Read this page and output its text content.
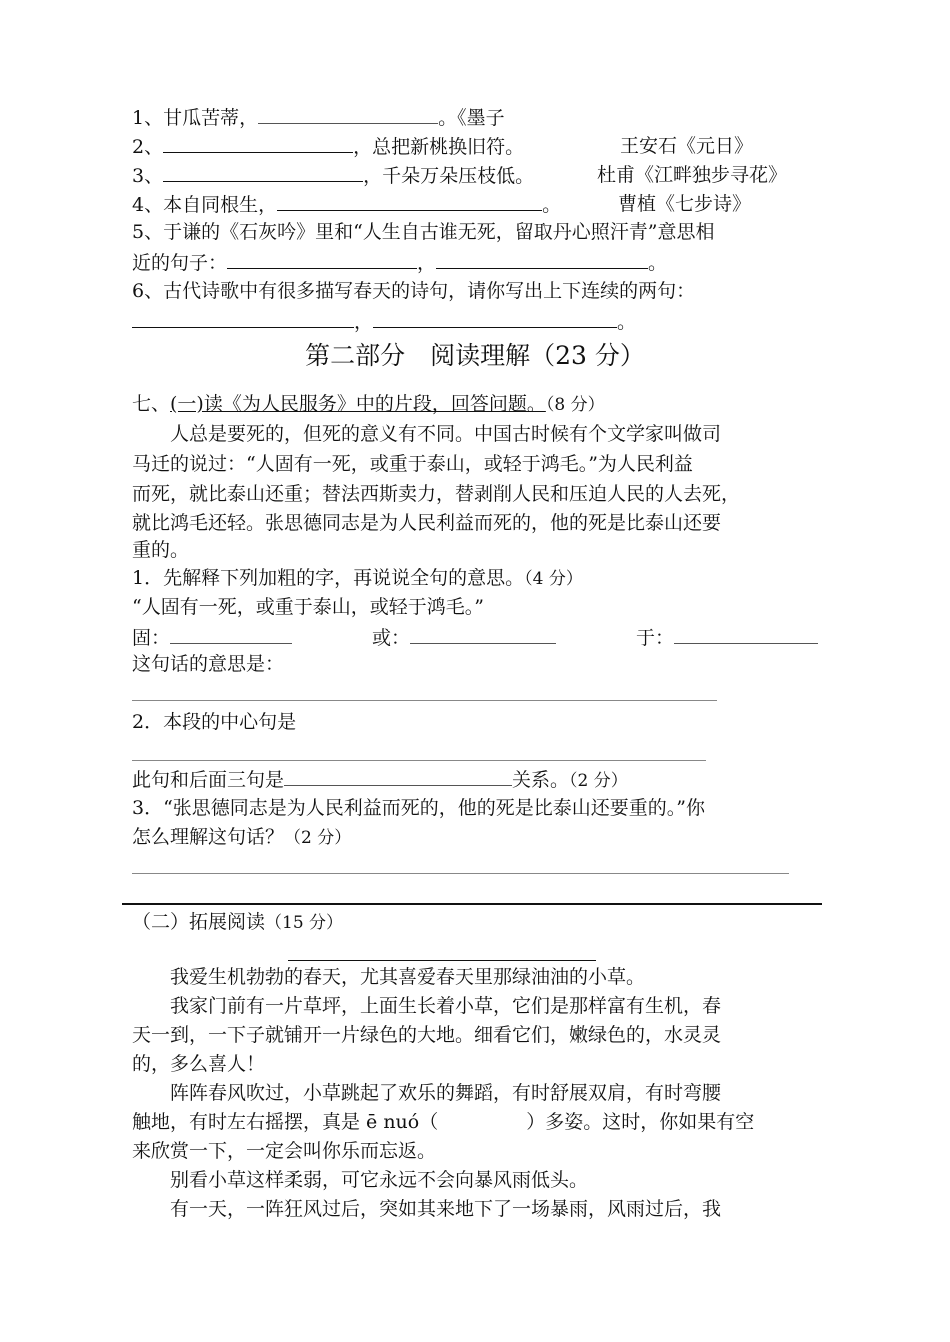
1、甘瓜苦蒂，	。《墨子
2、	，总把新桃换旧符。	王安石《元日》
3、	，千朵万朵压枝低。	杜甫《江畔独步寻花》
4、本自同根生，	。	曹植《七步诗》
5、于谦的《石灰吟》里和“人生自古谁无死，留取丹心照汗青”意思相
近的句子：	，	。
6、古代诗歌中有很多描写春天的诗句，请你写出上下连续的两句：
，	。
第二部分　阅读理解（23 分）
七、(一)读《为人民服务》中的片段，回答问题。（8 分）
　　人总是要死的，但死的意义有不同。中国古时候有个文学家叫做司
马迁的说过：“人固有一死，或重于泰山，或轻于鸿毛。”为人民利益
而死，就比泰山还重；替法西斯卖力，替剥削人民和压迫人民的人去死，
就比鸿毛还轻。张思德同志是为人民利益而死的，他的死是比泰山还要
重的。
1．先解释下列加粗的字，再说说全句的意思。（4 分）
“人固有一死，或重于泰山，或轻于鸿毛。”
固：	或：	于：
这句话的意思是：
2．本段的中心句是
此句和后面三句是	关系。（2 分）
3．“张思德同志是为人民利益而死的，他的死是比泰山还要重的。”你
怎么理解这句话？（2 分）
（二）拓展阅读（15 分）
　　我爱生机勃勃的春天，尤其喜爱春天里那绿油油的小草。
　　我家门前有一片草坪，上面生长着小草，它们是那样富有生机，春
天一到，一下子就铺开一片绿色的大地。细看它们，嫩绿色的，水灵灵
的，多么喜人！
　　阵阵春风吹过，小草跳起了欢乐的舞蹈，有时舒展双肩，有时弯腰
触地，有时左右摇摆，真是 ē nuó（	）多姿。这时，你如果有空
来欣赏一下，一定会叫你乐而忘返。
　　别看小草这样柔弱，可它永远不会向暴风雨低头。
　　有一天，一阵狂风过后，突如其来地下了一场暴雨，风雨过后，我
